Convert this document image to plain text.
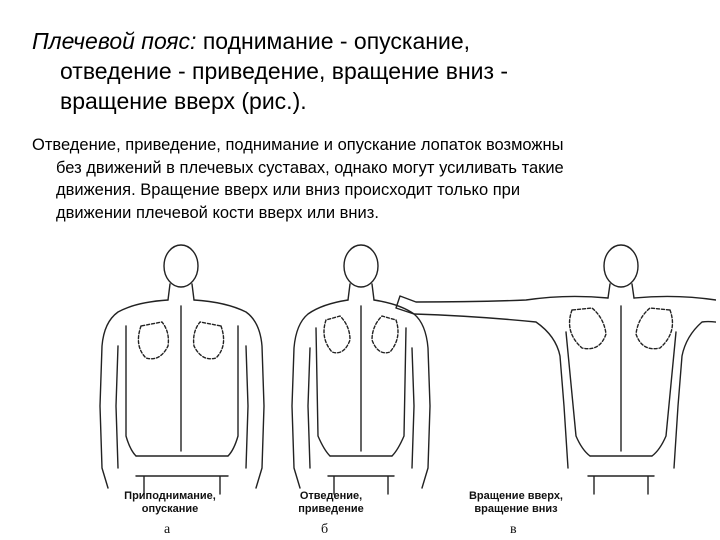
Плечевой пояс: поднимание - опускание,
отведение - приведение, вращение вниз -
вращение вверх (рис.).
Отведение, приведение, поднимание и опускание лопаток возможны
без движений в плечевых суставах, однако могут усиливать такие
движения. Вращение вверх или вниз происходит только при
движении плечевой кости вверх или вниз.
Приподнимание,
опускание
а
Отведение,
приведение
б
Вращение вверх,
вращение вниз
в
